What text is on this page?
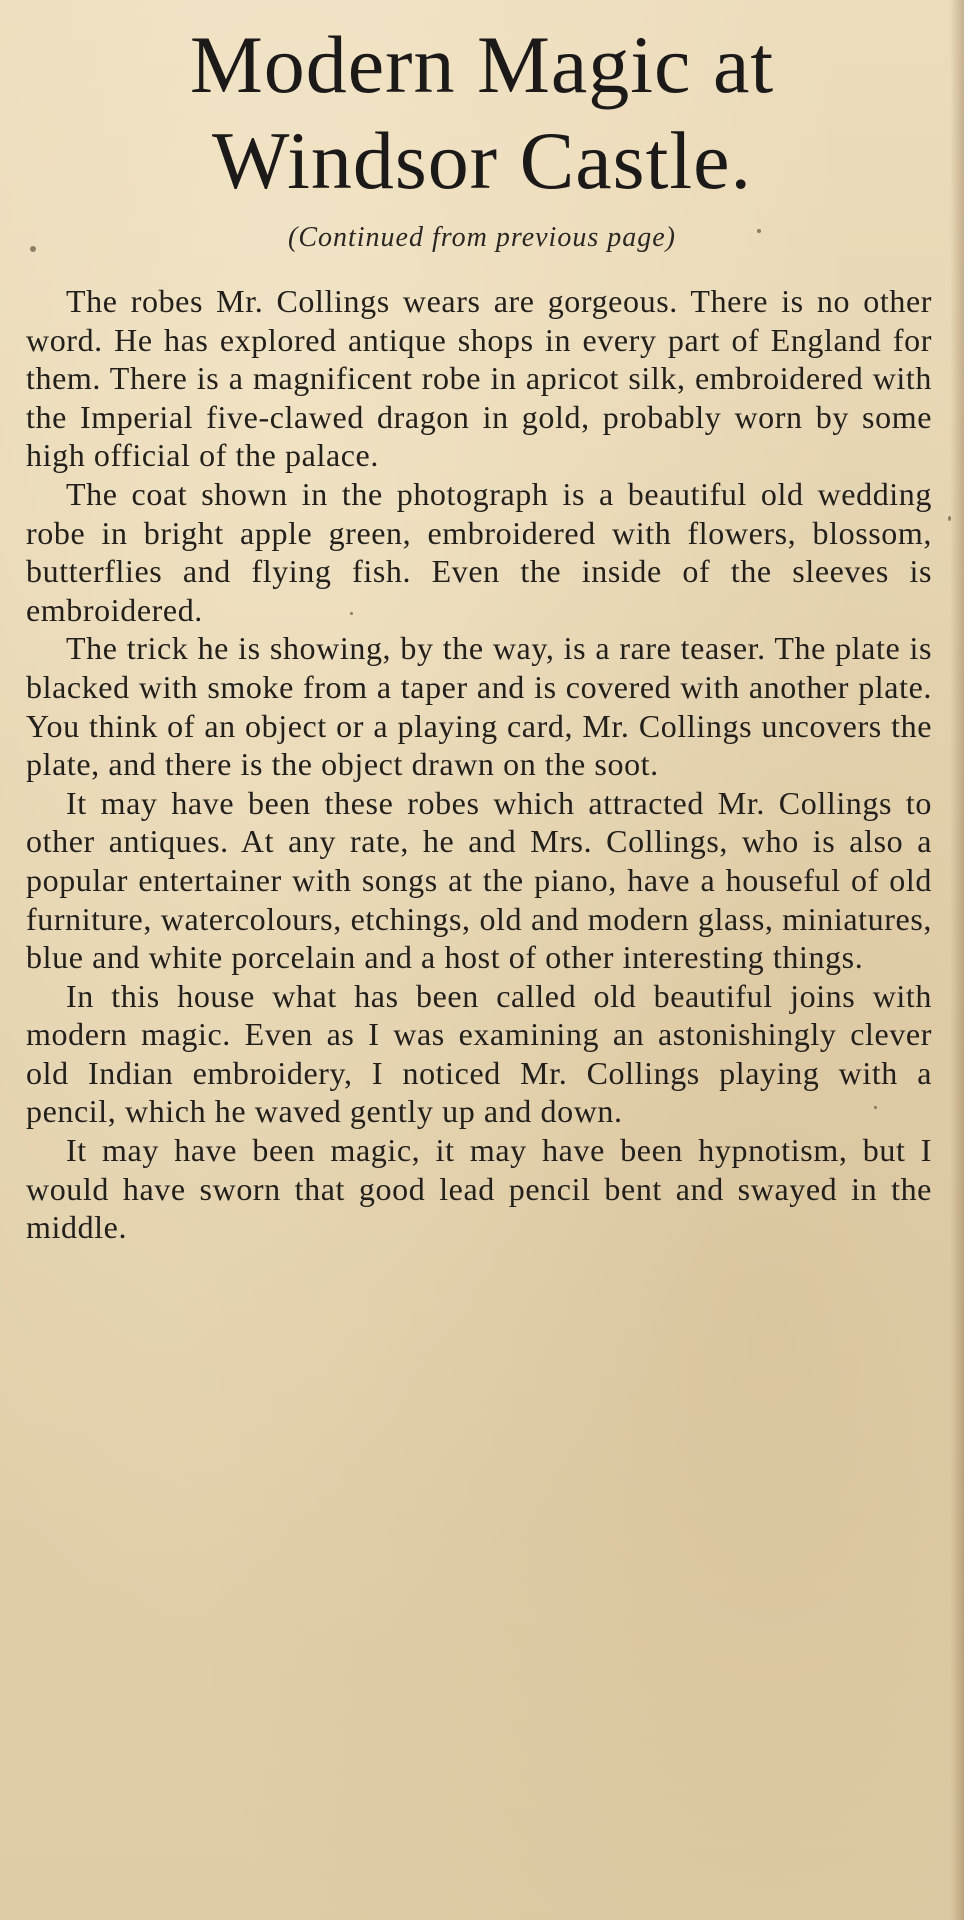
Modern Magic at
Windsor Castle.
(Continued from previous page)

The robes Mr. Collings wears are gorgeous. There is no other word. He has explored antique shops in every part of England for them. There is a magnificent robe in apricot silk, embroidered with the Imperial five-clawed dragon in gold, probably worn by some high official of the palace.

The coat shown in the photograph is a beautiful old wedding robe in bright apple green, embroidered with flowers, blossom, butterflies and flying fish. Even the inside of the sleeves is embroidered.

The trick he is showing, by the way, is a rare teaser. The plate is blacked with smoke from a taper and is covered with another plate. You think of an object or a playing card, Mr. Collings uncovers the plate, and there is the object drawn on the soot.

It may have been these robes which attracted Mr. Collings to other antiques. At any rate, he and Mrs. Collings, who is also a popular entertainer with songs at the piano, have a houseful of old furniture, watercolours, etchings, old and modern glass, miniatures, blue and white porcelain and a host of other interesting things.

In this house what has been called old beautiful joins with modern magic. Even as I was examining an astonishingly clever old Indian embroidery, I noticed Mr. Collings playing with a pencil, which he waved gently up and down.

It may have been magic, it may have been hypnotism, but I would have sworn that good lead pencil bent and swayed in the middle.
